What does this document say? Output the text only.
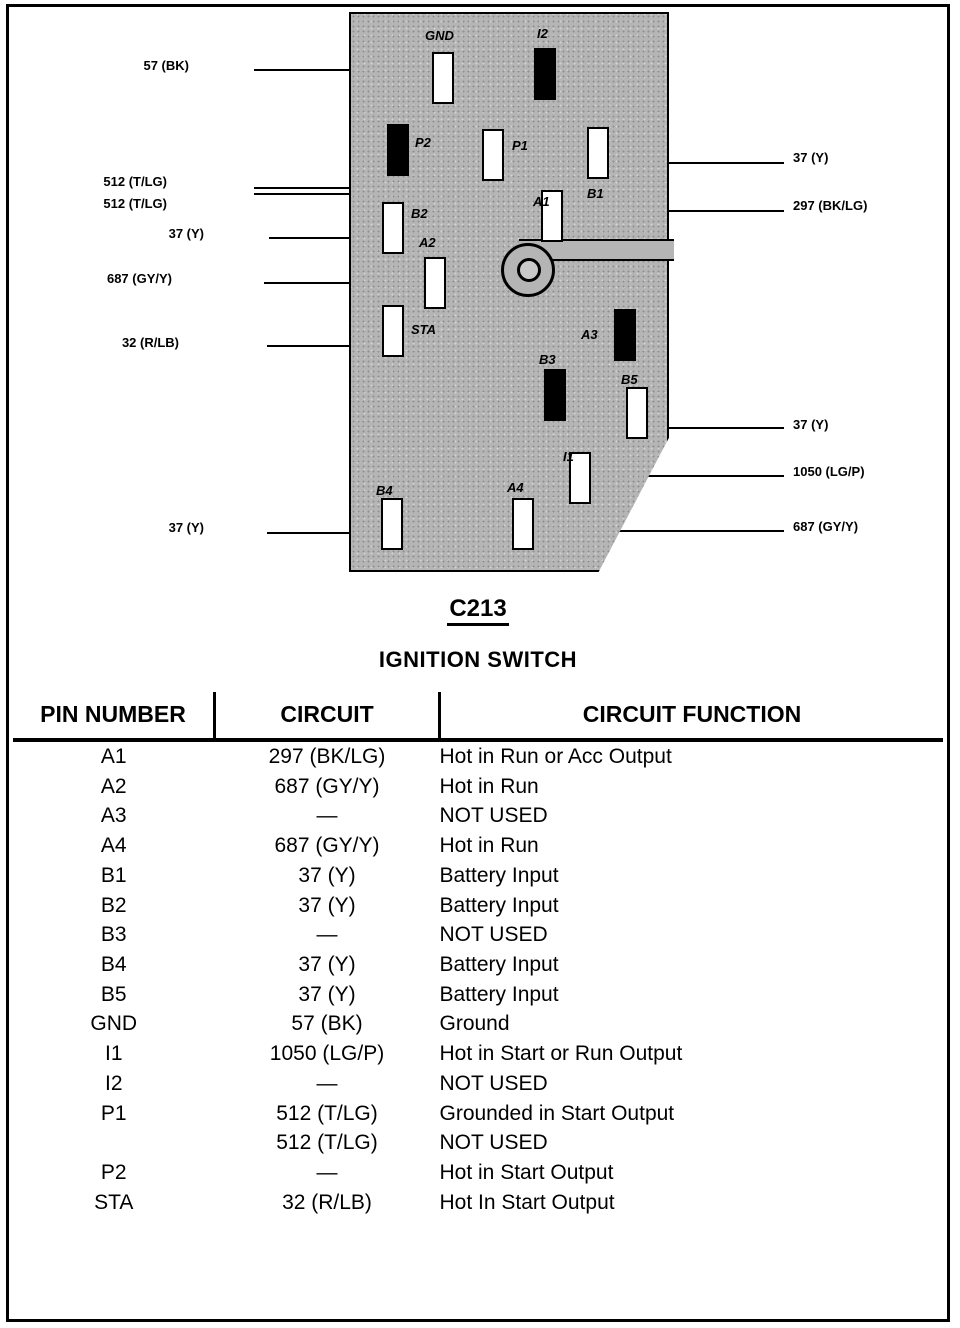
GND	I2
P2	P1
B1
A1
B2
A2
STA	A3
B3
B5
I1
B4	A4
57 (BK)
512 (T/LG)
512 (T/LG)
37 (Y)
687 (GY/Y)
32 (R/LB)
37 (Y)
37 (Y)
297 (BK/LG)
37 (Y)
1050 (LG/P)
687 (GY/Y)
C213
IGNITION SWITCH
PIN NUMBER	CIRCUIT	CIRCUIT FUNCTION
A1	297 (BK/LG)	Hot in Run or Acc Output
A2	687 (GY/Y)	Hot in Run
A3	—	NOT USED
A4	687 (GY/Y)	Hot in Run
B1	37 (Y)	Battery Input
B2	37 (Y)	Battery Input
B3	—	NOT USED
B4	37 (Y)	Battery Input
B5	37 (Y)	Battery Input
GND	57 (BK)	Ground
I1	1050 (LG/P)	Hot in Start or Run Output
I2	—	NOT USED
P1	512 (T/LG)	Grounded in Start Output
	512 (T/LG)	NOT USED
P2	—	Hot in Start Output
STA	32 (R/LB)	Hot In Start Output
